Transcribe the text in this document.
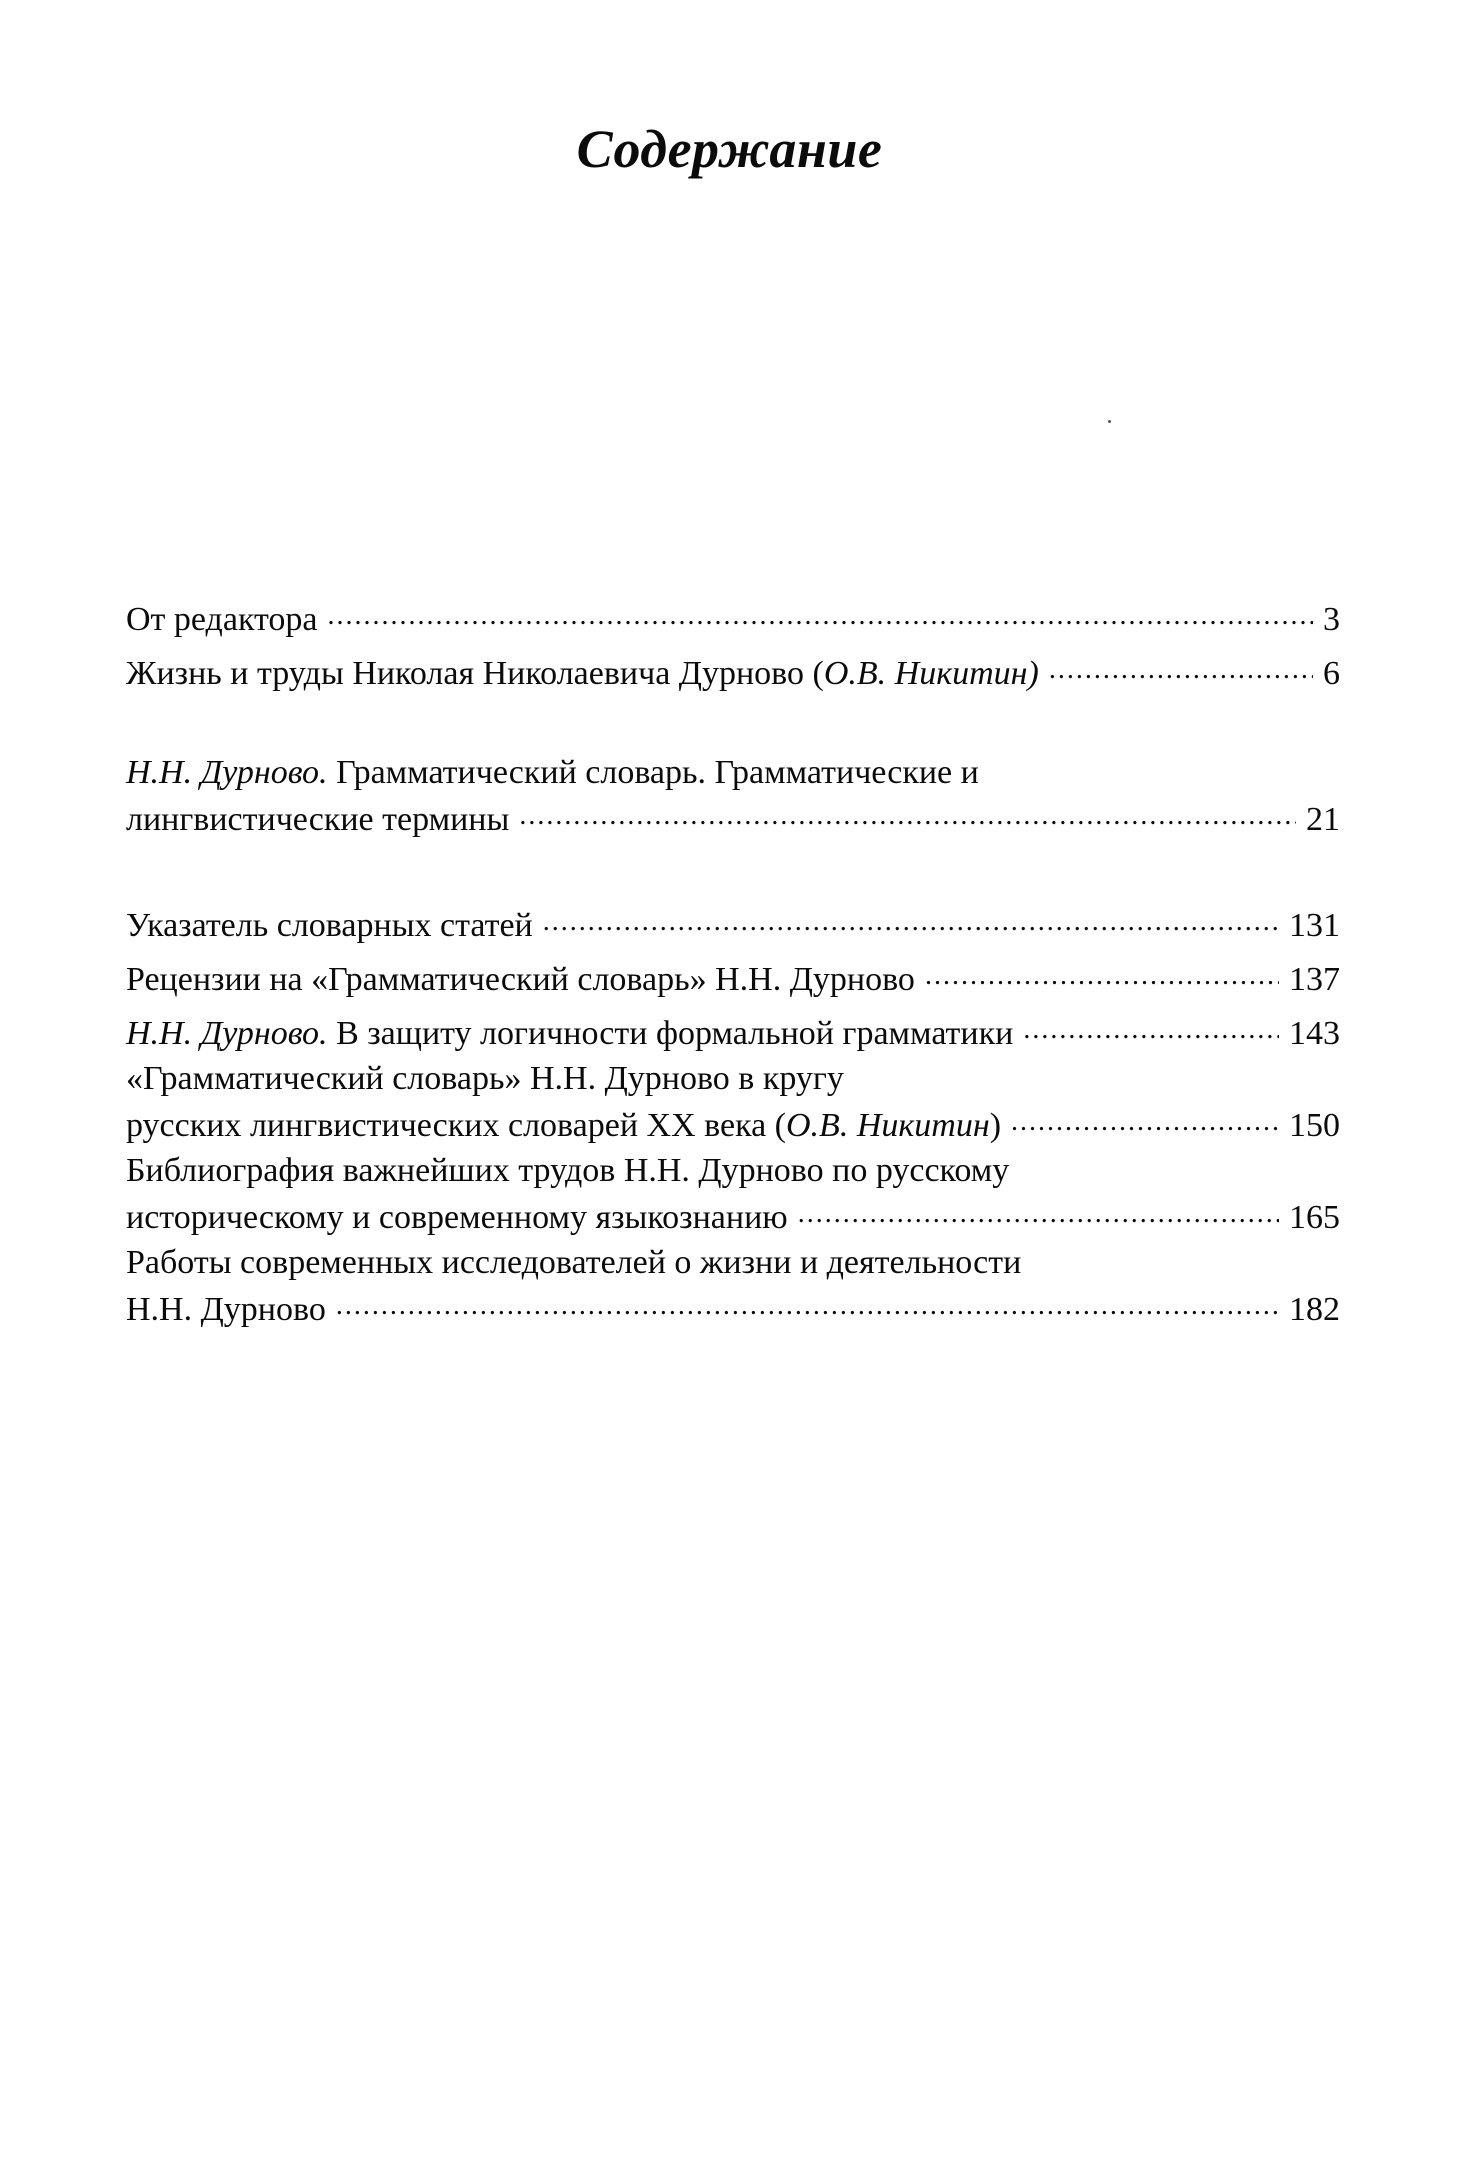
Содержание
От редактора . . .	3
Жизнь и труды Николая Николаевича Дурново ( О.В. Никитин) . . .	6
Н.Н. Дурново. Грамматический словарь. Грамматические и
лингвистические термины . . .	21
Указатель словарных статей . . .	131
Рецензии на «Грамматический словарь» Н.Н. Дурново . . .	137
Н.Н. Дурново. В защиту логичности формальной грамматики . . .	143
«Грамматический словарь» Н.Н. Дурново в кругу
русских лингвистических словарей XX века (О.В. Никитин) . . .	150
Библиография важнейших трудов Н.Н. Дурново по русскому
историческому и современному языкознанию . . .	165
Работы современных исследователей о жизни и деятельности
Н.Н. Дурново . . .	182
